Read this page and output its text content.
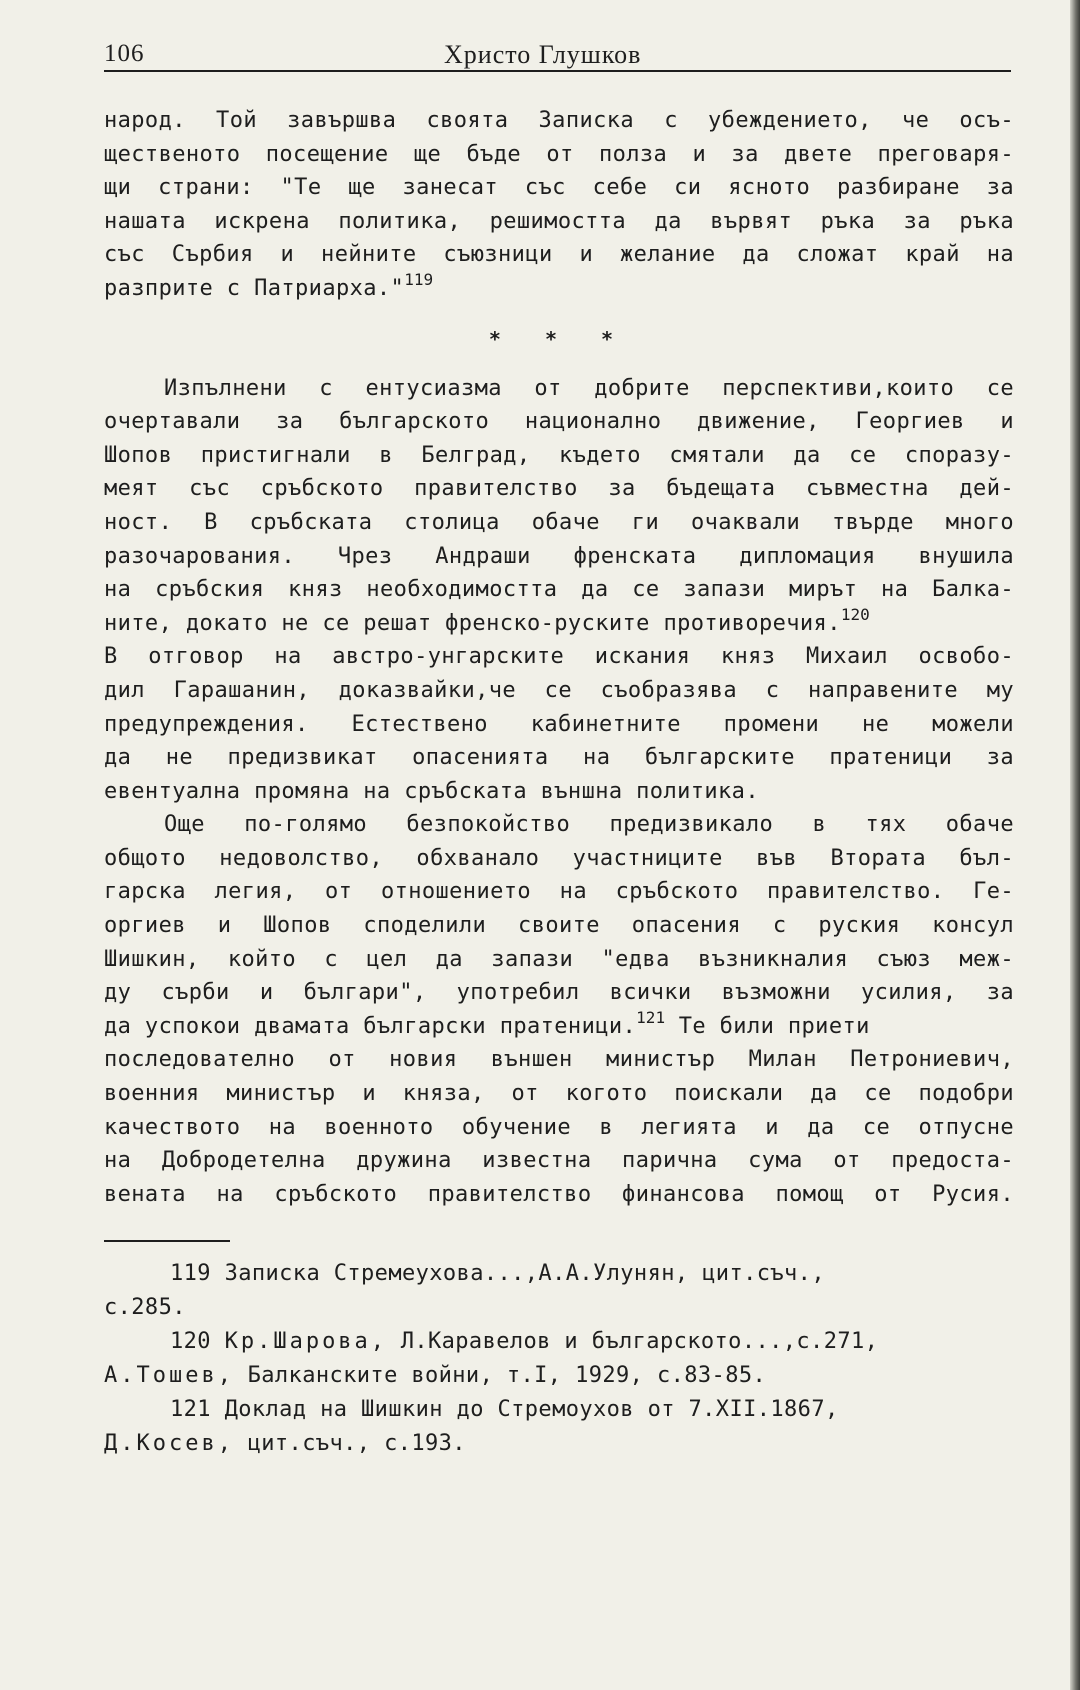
106	Христо Глушков
народ. Той завършва своята Записка с убеждението, че осъ-
щественото посещение ще бъде от полза и за двете преговаря-
щи страни: "Те ще занесат със себе си ясното разбиране за
нашата искрена политика, решимостта да вървят ръка за ръка
със Сърбия и нейните съюзници и желание да сложат край на
разприте с Патриарха."$^{119}$
* * *
Изпълнени с ентусиазма от добрите перспективи,които се
очертавали за българското национално движение, Георгиев и
Шопов пристигнали в Белград, където смятали да се споразу-
меят със сръбското правителство за бъдещата съвместна дей-
ност. В сръбската столица обаче ги очаквали твърде много
разочарования. Чрез Андраши френската дипломация внушила
на сръбския княз необходимостта да се запази мирът на Балка-
ните, докато не се решат френско-руските противоречия.$^{120}$
В отговор на австро-унгарските искания княз Михаил освобо-
дил Гарашанин, доказвайки,че се съобразява с направените му
предупреждения. Естествено кабинетните промени не можели
да не предизвикат опасенията на българските пратеници за
евентуална промяна на сръбската външна политика.
Още по-голямо безпокойство предизвикало в тях обаче
общото недоволство, обхванало участниците във Втората бъл-
гарска легия, от отношението на сръбското правителство. Ге-
оргиев и Шопов споделили своите опасения с руския консул
Шишкин, който с цел да запази "едва възникналия съюз меж-
ду сърби и българи", употребил всички възможни усилия, за
да успокои двамата български пратеници.$^{121}$ Те били приети
последователно от новия външен министър Милан Петрониевич,
военния министър и княза, от когото поискали да се подобри
качеството на военното обучение в легията и да се отпусне
на Добродетелна дружина известна парична сума от предоста-
вената на сръбското правителство финансова помощ от Русия.
119 Записка Стремеухова...,А.А.Улунян, цит.съч.,
с.285.
120 Кр.Шарова, Л.Каравелов и българското...,с.271,
А.Тошев, Балканските войни, т.I, 1929, с.83-85.
121 Доклад на Шишкин до Стремоухов от 7.XII.1867,
Д.Косев, цит.съч., с.193.
